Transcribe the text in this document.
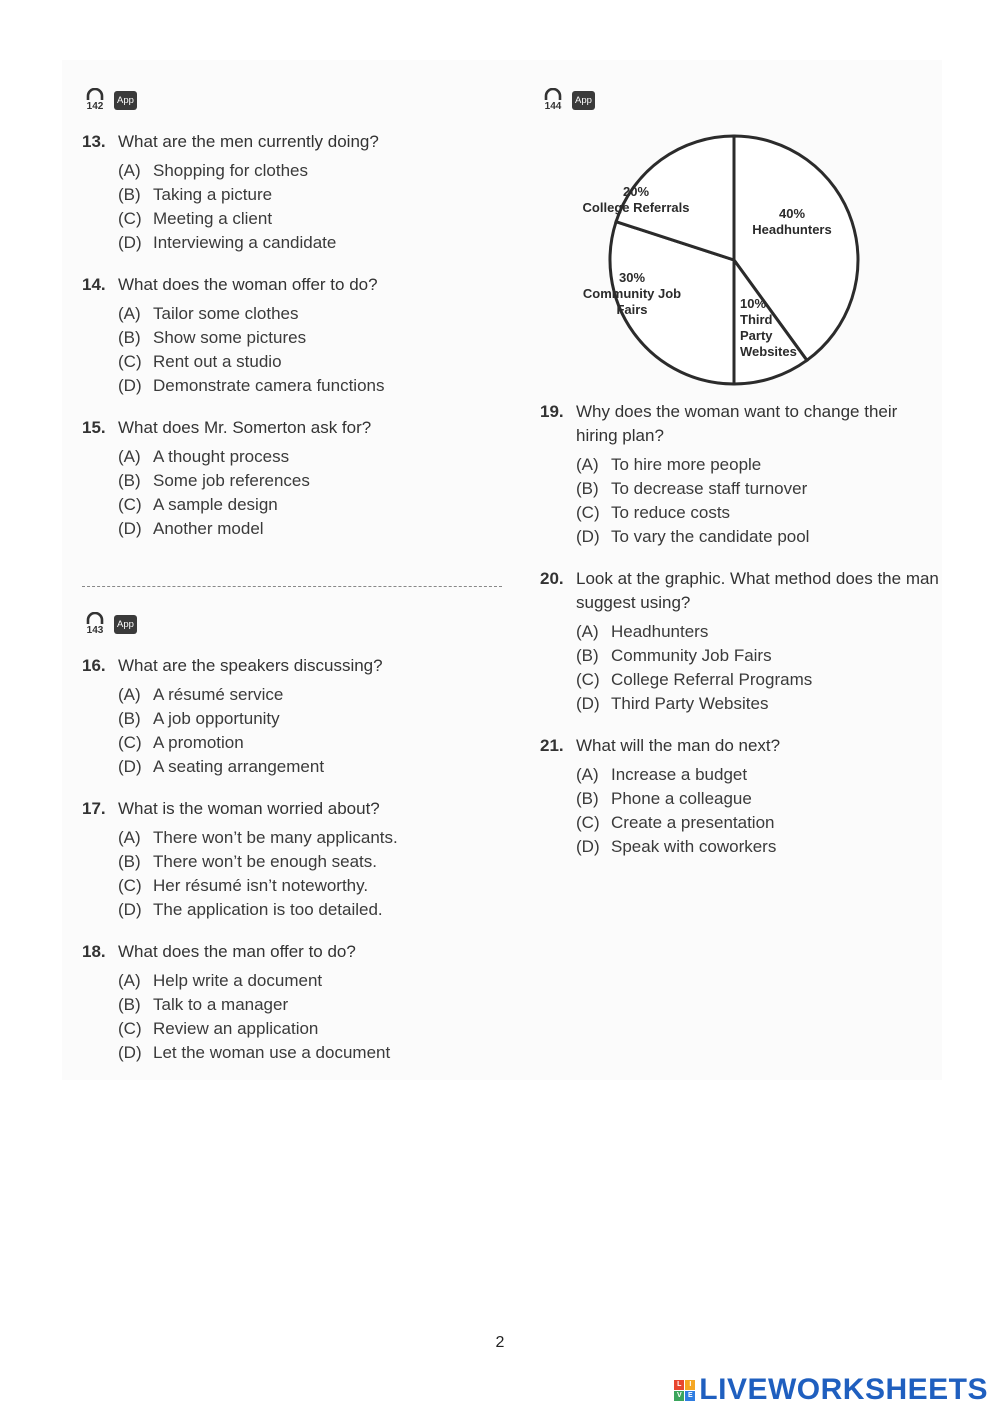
142
App
13. What are the men currently doing?
(A) Shopping for clothes
(B) Taking a picture
(C) Meeting a client
(D) Interviewing a candidate
14. What does the woman offer to do?
(A) Tailor some clothes
(B) Show some pictures
(C) Rent out a studio
(D) Demonstrate camera functions
15. What does Mr. Somerton ask for?
(A) A thought process
(B) Some job references
(C) A sample design
(D) Another model
143
App
16. What are the speakers discussing?
(A) A résumé service
(B) A job opportunity
(C) A promotion
(D) A seating arrangement
17. What is the woman worried about?
(A) There won’t be many applicants.
(B) There won’t be enough seats.
(C) Her résumé isn’t noteworthy.
(D) The application is too detailed.
18. What does the man offer to do?
(A) Help write a document
(B) Talk to a manager
(C) Review an application
(D) Let the woman use a document
144
App
40% Headhunters
10% Third Party Websites
30% Community Job Fairs
20% College Referrals
19. Why does the woman want to change their hiring plan?
(A) To hire more people
(B) To decrease staff turnover
(C) To reduce costs
(D) To vary the candidate pool
20. Look at the graphic. What method does the man suggest using?
(A) Headhunters
(B) Community Job Fairs
(C) College Referral Programs
(D) Third Party Websites
21. What will the man do next?
(A) Increase a budget
(B) Phone a colleague
(C) Create a presentation
(D) Speak with coworkers
2
L	I
V E LIVEWORKSHEETS
